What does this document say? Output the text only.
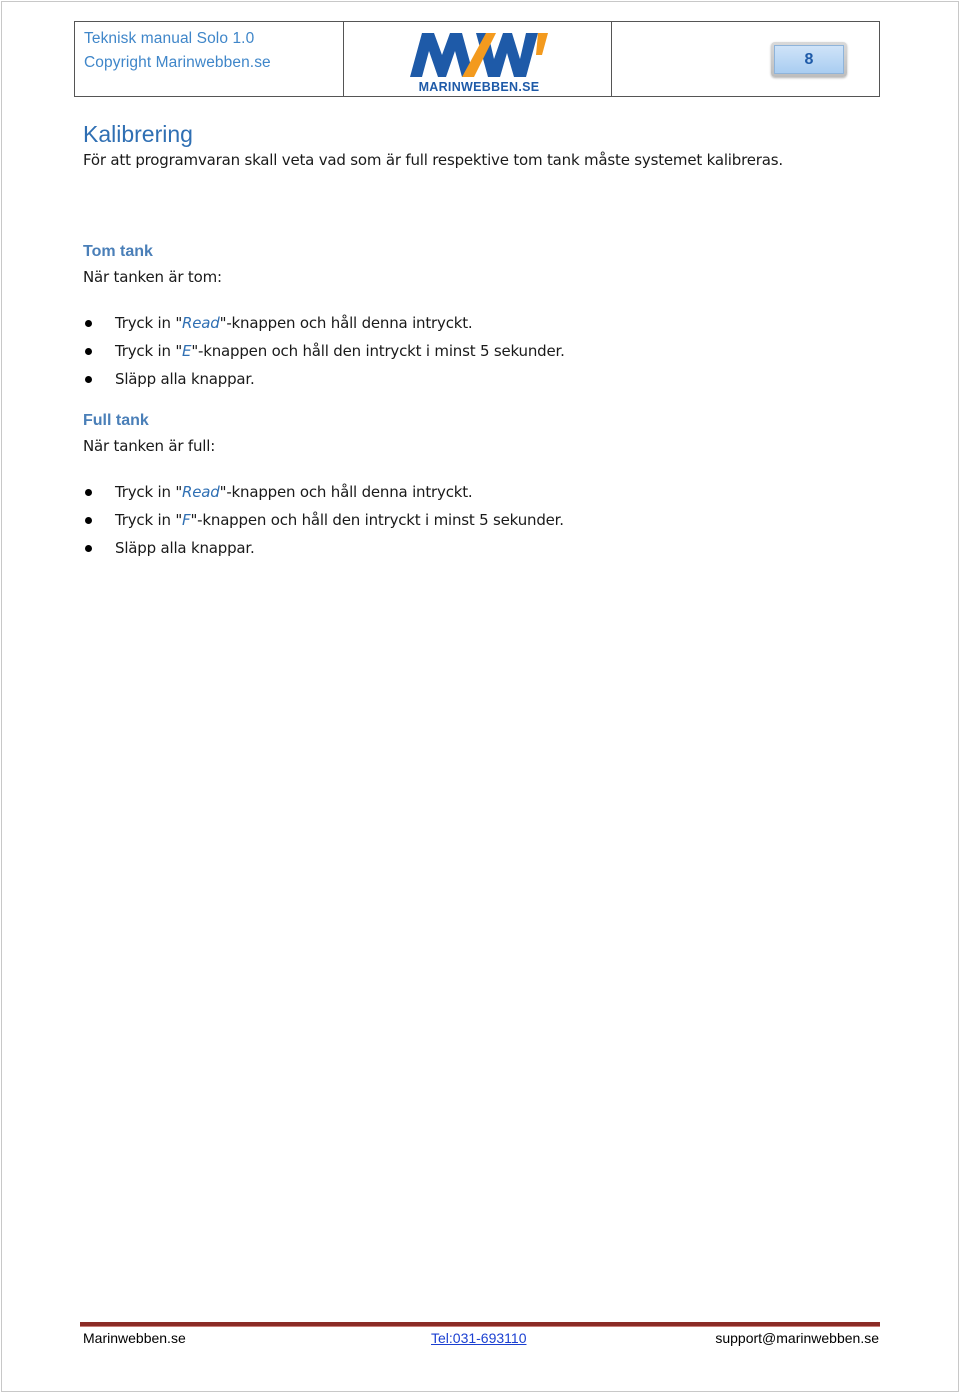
Teknisk manual Solo 1.0
Copyright Marinwebben.se
MARINWEBBEN.SE
8
Kalibrering
För att programvaran skall veta vad som är full respektive tom tank måste systemet kalibreras.
Tom tank
När tanken är tom:
Tryck in "Read"-knappen och håll denna intryckt.
Tryck in "E"-knappen och håll den intryckt i minst 5 sekunder.
Släpp alla knappar.
Full tank
När tanken är full:
Tryck in "Read"-knappen och håll denna intryckt.
Tryck in "F"-knappen och håll den intryckt i minst 5 sekunder.
Släpp alla knappar.
Marinwebben.se	Tel:031-693110	support@marinwebben.se
